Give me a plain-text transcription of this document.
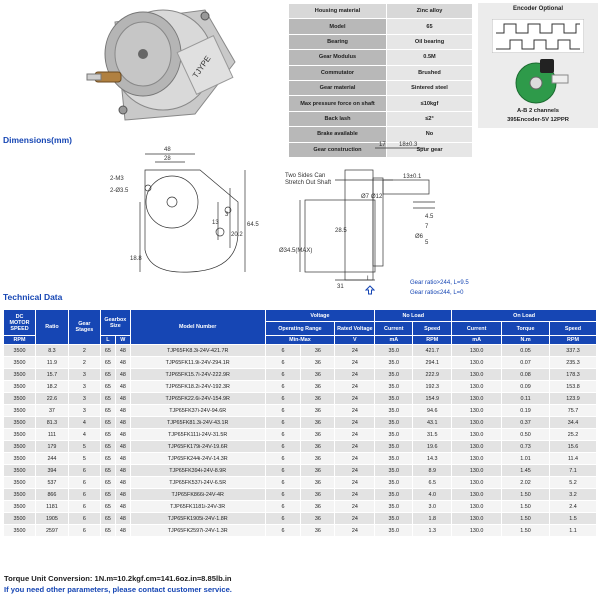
TJYPE
Housing material	Zinc alloy
Model	65
Bearing	Oil bearing
Gear Modulus	0.5M
Commutator	Brushed
Gear material	Sintered steel
Max pressure force on shaft	≤10kgf
Back lash	≤2°
Brake available	No
Gear construction	Spur gear
Encoder Optional
A-B 2 channels
395Encoder-5V 12PPR
Dimensions(mm)
48
28
2-M3
2-Ø3.5
13
3
20.2
18.8
64.5
17 18±0.3
Two Sides Can
Stretch Out Shaft
Ø7 Ø12
13±0.1
28.5
Ø34.5(MAX)
4.5
7
L
31
Ø6
5
Gear ratio>244, L=9.5
Gear ratio≤244, L=0
Technical Data
DC MOTOR SPEED	Ratio	Gear Stages	Gearbox Size		Model Number	Voltage			No Load		On Load		
						Operating Range		Rated Voltage	Current	Speed	Current	Torque	Speed
RPM			L	W		Min-Max		V	mA	RPM	mA	N.m	RPM
3500	8.3	2	65	48	TJP65FK8.3i-24V-421.7R	6	36	24	35.0	421.7	130.0	0.05	337.3
3500	11.9	2	65	48	TJP65FK11.9i-24V-294.1R	6	36	24	35.0	294.1	130.0	0.07	235.3
3500	15.7	3	65	48	TJP65FK15.7i-24V-222.9R	6	36	24	35.0	222.9	130.0	0.08	178.3
3500	18.2	3	65	48	TJP65FK18.2i-24V-192.3R	6	36	24	35.0	192.3	130.0	0.09	153.8
3500	22.6	3	65	48	TJP65FK22.6i-24V-154.9R	6	36	24	35.0	154.9	130.0	0.11	123.9
3500	37	3	65	48	TJP65FK37i-24V-94.6R	6	36	24	35.0	94.6	130.0	0.19	75.7
3500	81.3	4	65	48	TJP65FK81.3i-24V-43.1R	6	36	24	35.0	43.1	130.0	0.37	34.4
3500	111	4	65	48	TJP65FK111i-24V-31.5R	6	36	24	35.0	31.5	130.0	0.50	25.2
3500	179	5	65	48	TJP65FK179i-24V-19.6R	6	36	24	35.0	19.6	130.0	0.73	15.6
3500	244	5	65	48	TJP65FK244i-24V-14.3R	6	36	24	35.0	14.3	130.0	1.01	11.4
3500	394	6	65	48	TJP65FK394i-24V-8.9R	6	36	24	35.0	8.9	130.0	1.45	7.1
3500	537	6	65	48	TJP65FK537i-24V-6.5R	6	36	24	35.0	6.5	130.0	2.02	5.2
3500	866	6	65	48	TJP65FK866i-24V-4R	6	36	24	35.0	4.0	130.0	1.50	3.2
3500	1181	6	65	48	TJP65FK1181i-24V-3R	6	36	24	35.0	3.0	130.0	1.50	2.4
3500	1905	6	65	48	TJP65FK1905i-24V-1.8R	6	36	24	35.0	1.8	130.0	1.50	1.5
3500	2597	6	65	48	TJP65FK2597i-24V-1.3R	6	36	24	35.0	1.3	130.0	1.50	1.1
Torque Unit Conversion: 1N.m≈10.2kgf.cm≈141.6oz.in≈8.85lb.in
If you need other parameters, please contact customer service.
